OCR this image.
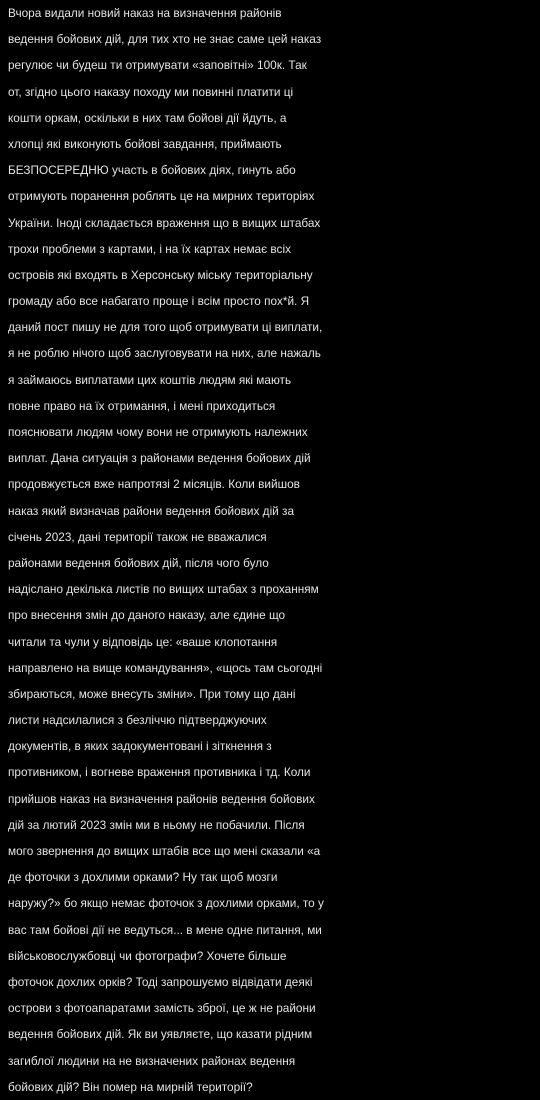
Вчора видали новий наказ на визначення районів
ведення бойових дій, для тих хто не знає саме цей наказ
регулює чи будеш ти отримувати «заповітні» 100к. Так
от, згідно цього наказу походу ми повинні платити ці
кошти оркам, оскільки в них там бойові дії йдуть, а
хлопці які виконують бойові завдання, приймають
БЕЗПОСЕРЕДНЮ участь в бойових діях, гинуть або
отримують поранення роблять це на мирних територіях
України. Іноді складається враження що в вищих штабах
трохи проблеми з картами, і на їх картах немає всіх
островів які входять в Херсонську міську територіальну
громаду або все набагато проще і всім просто пох*й. Я
даний пост пишу не для того щоб отримувати ці виплати,
я не роблю нічого щоб заслуговувати на них, але нажаль
я займаюсь виплатами цих коштів людям які мають
повне право на їх отримання, і мені приходиться
пояснювати людям чому вони не отримують належних
виплат. Дана ситуація з районами ведення бойових дій
продовжується вже напротязі 2 місяців. Коли вийшов
наказ який визначав райони ведення бойових дій за
січень 2023, дані території також не вважалися
районами ведення бойових дій, після чого було
надіслано декілька листів по вищих штабах з проханням
про внесення змін до даного наказу, але єдине що
читали та чули у відповідь це: «ваше клопотання
направлено на вище командування», «щось там сьогодні
збираються, може внесуть зміни». При тому що дані
листи надсилалися з безліччю підтверджуючих
документів, в яких задокументовані і зіткнення з
противником, і вогневе враження противника і тд. Коли
прийшов наказ на визначення районів ведення бойових
дій за лютий 2023 змін ми в ньому не побачили. Після
мого звернення до вищих штабів все що мені сказали «а
де фоточки з дохлими орками? Ну так щоб мозги
наружу?» бо якщо немає фоточок з дохлими орками, то у
вас там бойові дії не ведуться... в мене одне питання, ми
військовослужбовці чи фотографи? Хочете більше
фоточок дохлих орків? Тоді запрошуємо відвідати деякі
острови з фотоапаратами замість зброї, це ж не райони
ведення бойових дій. Як ви уявляєте, що казати рідним
загиблої людини на не визначених районах ведення
бойових дій? Він помер на мирній території?
